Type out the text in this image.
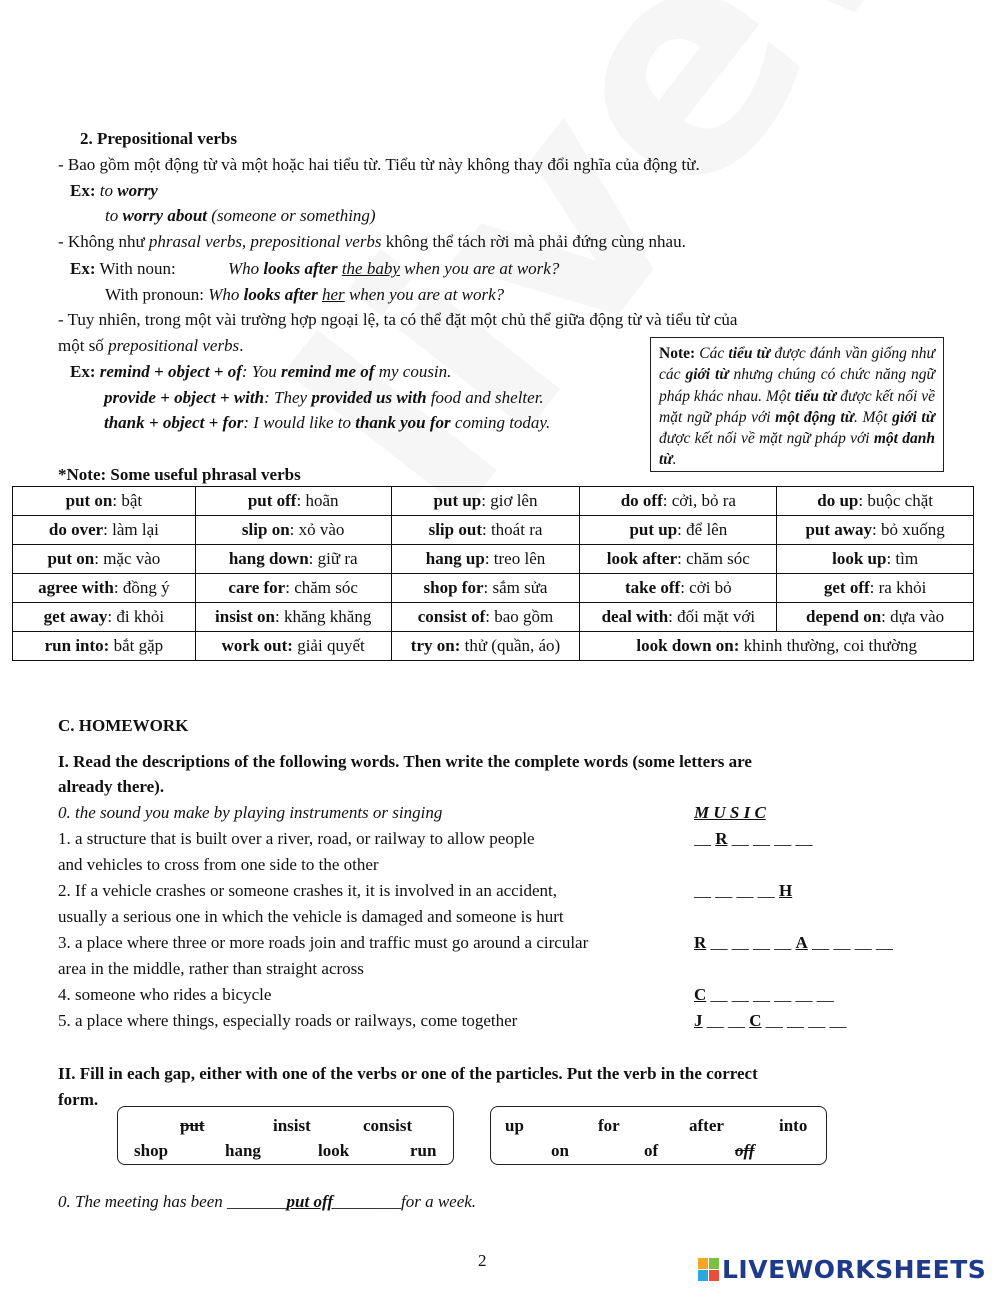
2. Prepositional verbs
- Bao gồm một động từ và một hoặc hai tiểu từ. Tiểu từ này không thay đổi nghĩa của động từ.
Ex: to worry
to worry about (someone or something)
- Không như phrasal verbs, prepositional verbs không thể tách rời mà phải đứng cùng nhau.
Ex: With noun:	Who looks after the baby when you are at work?
With pronoun: Who looks after her when you are at work?
- Tuy nhiên, trong một vài trường hợp ngoại lệ, ta có thể đặt một chủ thể giữa động từ và tiểu từ của
một số prepositional verbs.
Ex: remind + object + of: You remind me of my cousin.
provide + object + with: They provided us with food and shelter.
thank + object + for: I would like to thank you for coming today.
Note: Các tiểu từ được đánh vần giống như các giới từ nhưng chúng có chức năng ngữ pháp khác nhau. Một tiểu từ được kết nối về mặt ngữ pháp với một động từ. Một giới từ được kết nối về mặt ngữ pháp với một danh từ.
*Note: Some useful phrasal verbs
put on: bật	put off: hoãn	put up: giơ lên	do off: cởi, bỏ ra	do up: buộc chặt
do over: làm lại	slip on: xỏ vào	slip out: thoát ra	put up: để lên	put away: bỏ xuống
put on: mặc vào	hang down: giữ ra	hang up: treo lên	look after: chăm sóc	look up: tìm
agree with: đồng ý	care for: chăm sóc	shop for: sắm sửa	take off: cởi bỏ	get off: ra khỏi
get away: đi khỏi	insist on: khăng khăng	consist of: bao gồm	deal with: đối mặt với	depend on: dựa vào
run into: bắt gặp	work out: giải quyết	try on: thử (quần, áo)	look down on: khinh thường, coi thường	
C. HOMEWORK
I. Read the descriptions of the following words. Then write the complete words (some letters are
already there).
0. the sound you make by playing instruments or singing	M U S I C
1. a structure that is built over a river, road, or railway to allow people
and vehicles to cross from one side to the other
__ R __ __ __ __
2. If a vehicle crashes or someone crashes it, it is involved in an accident,
usually a serious one in which the vehicle is damaged and someone is hurt
__ __ __ __ H
3. a place where three or more roads join and traffic must go around a circular
area in the middle, rather than straight across
R __ __ __ __ A __ __ __ __
4. someone who rides a bicycle	C __ __ __ __ __ __
5. a place where things, especially roads or railways, come together	J __ __ C __ __ __ __
II. Fill in each gap, either with one of the verbs or one of the particles. Put the verb in the correct
form.
put	insist	consist
shop	hang	look	run
up	for	after	into
on	of	off
0. The meeting has been _______put off________for a week.
2	LIVEWORKSHEETS
